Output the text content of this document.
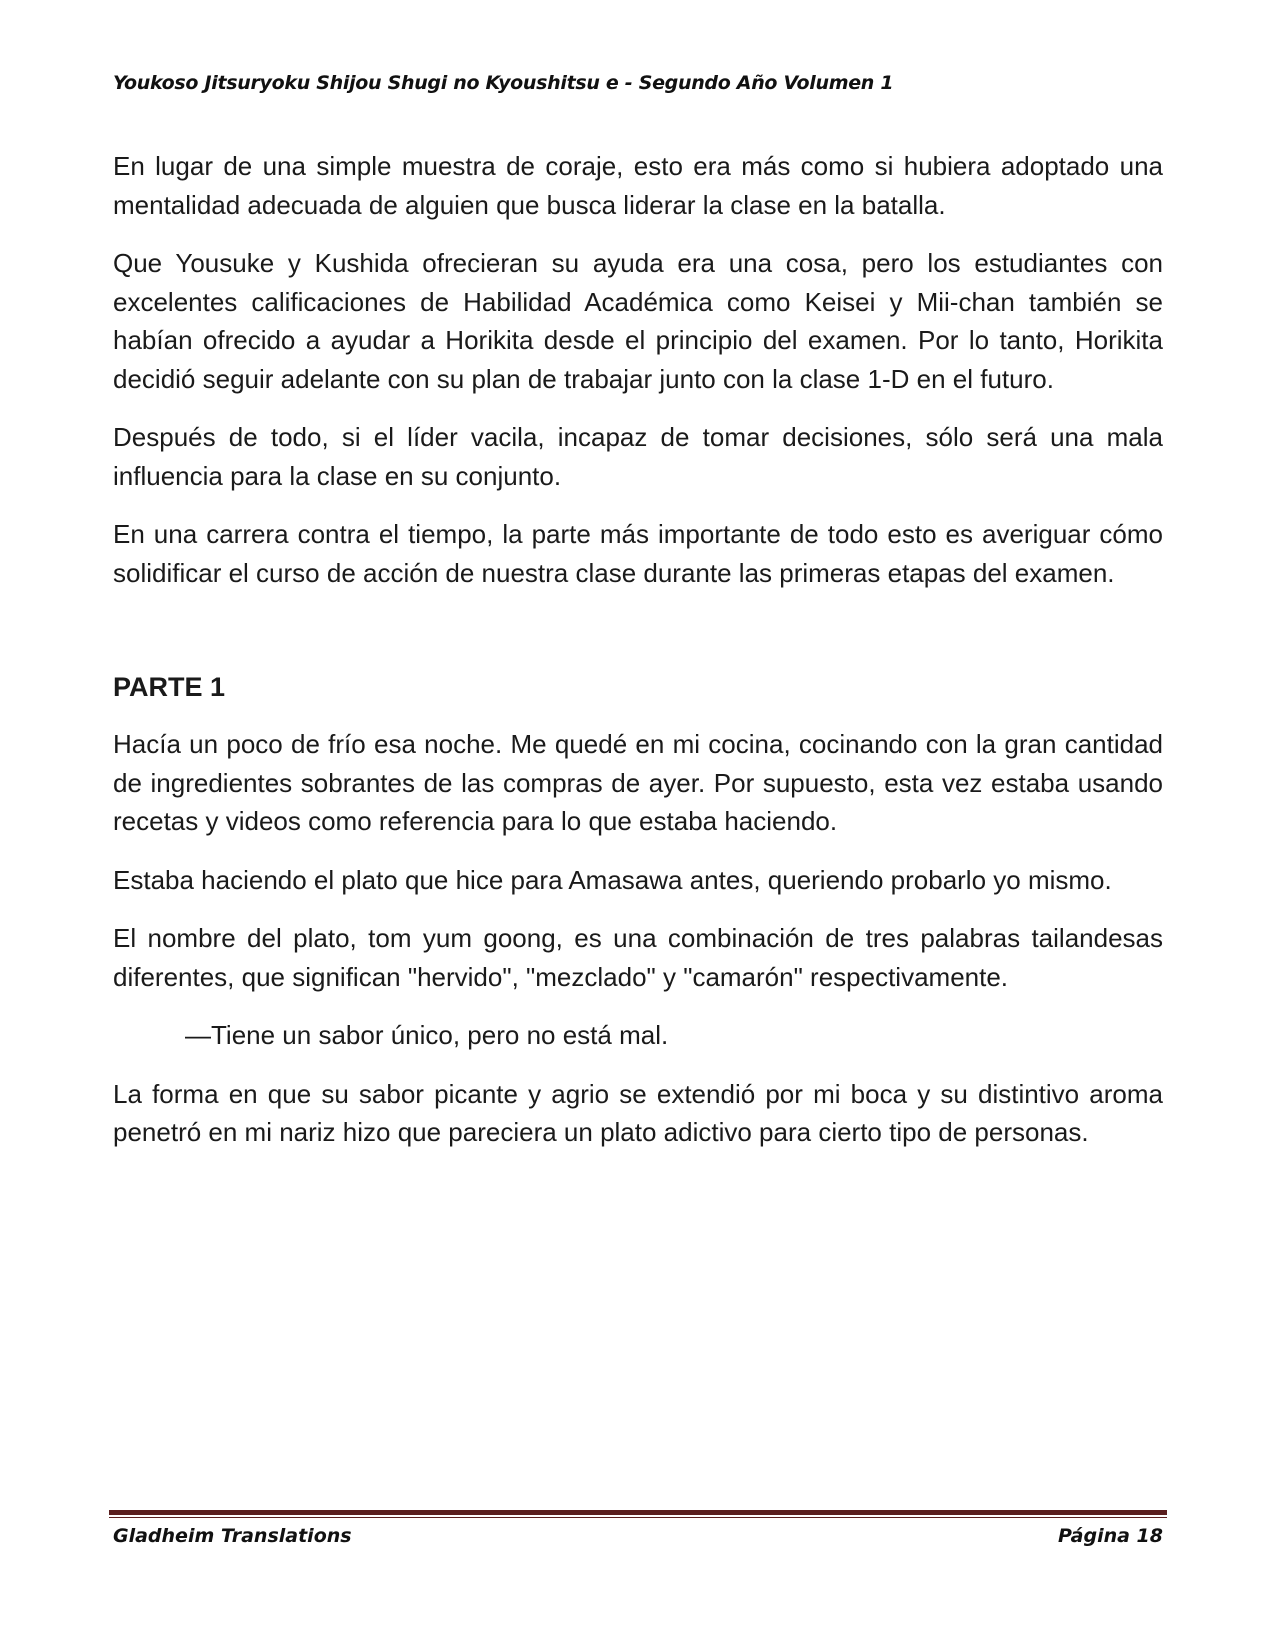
Youkoso Jitsuryoku Shijou Shugi no Kyoushitsu e - Segundo Año Volumen 1

En lugar de una simple muestra de coraje, esto era más como si hubiera adoptado una mentalidad adecuada de alguien que busca liderar la clase en la batalla.

Que Yousuke y Kushida ofrecieran su ayuda era una cosa, pero los estudiantes con excelentes calificaciones de Habilidad Académica como Keisei y Mii-chan también se habían ofrecido a ayudar a Horikita desde el principio del examen. Por lo tanto, Horikita decidió seguir adelante con su plan de trabajar junto con la clase 1-D en el futuro.

Después de todo, si el líder vacila, incapaz de tomar decisiones, sólo será una mala influencia para la clase en su conjunto.

En una carrera contra el tiempo, la parte más importante de todo esto es averiguar cómo solidificar el curso de acción de nuestra clase durante las primeras etapas del examen.

PARTE 1

Hacía un poco de frío esa noche. Me quedé en mi cocina, cocinando con la gran cantidad de ingredientes sobrantes de las compras de ayer. Por supuesto, esta vez estaba usando recetas y videos como referencia para lo que estaba haciendo.

Estaba haciendo el plato que hice para Amasawa antes, queriendo probarlo yo mismo.

El nombre del plato, tom yum goong, es una combinación de tres palabras tailandesas diferentes, que significan "hervido", "mezclado" y "camarón" respectivamente.

—Tiene un sabor único, pero no está mal.

La forma en que su sabor picante y agrio se extendió por mi boca y su distintivo aroma penetró en mi nariz hizo que pareciera un plato adictivo para cierto tipo de personas.

Gladheim Translations	Página 18
